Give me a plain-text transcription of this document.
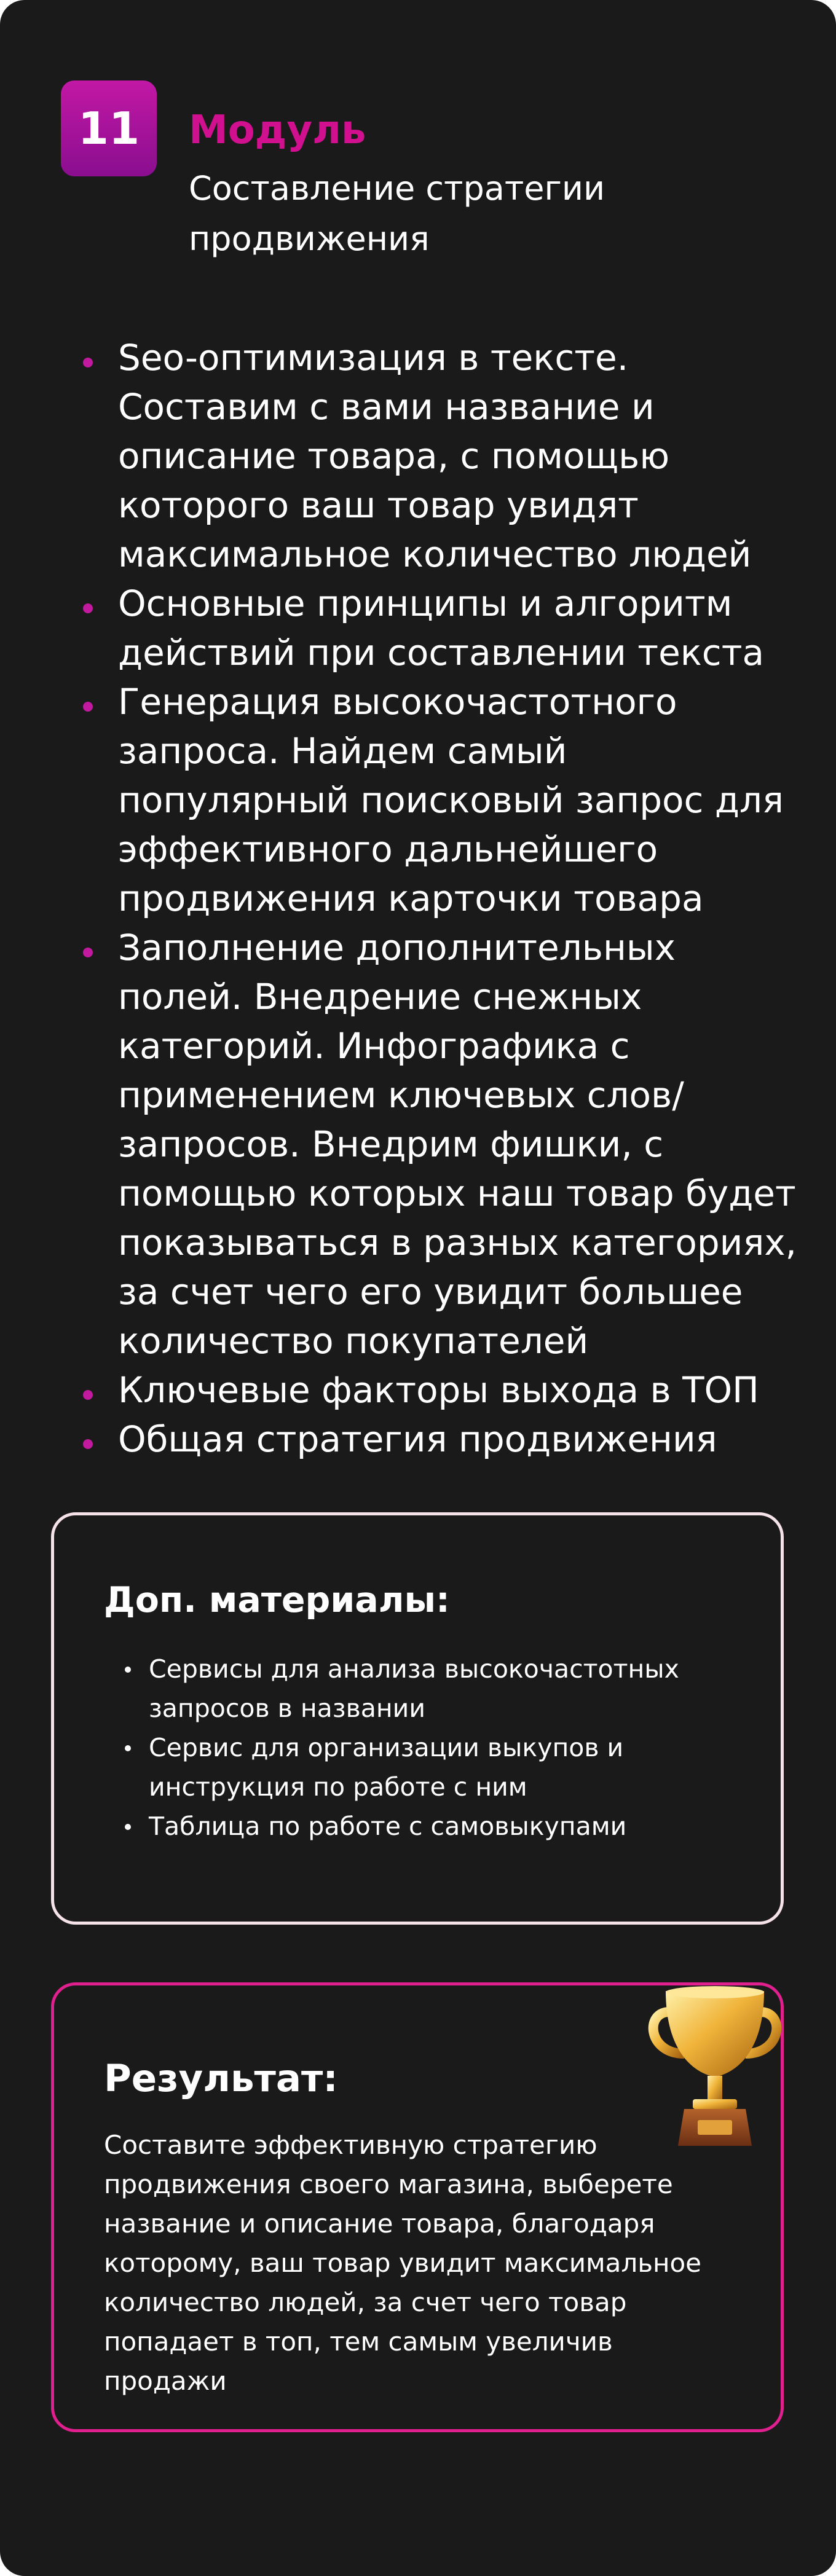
11 Модуль
Составление стратегии продвижения
Seo-оптимизация в тексте. Составим с вами название и описание товара, с помощью которого ваш товар увидят максимальное количество людей
Основные принципы и алгоритм действий при составлении текста
Генерация высокочастотного запроса. Найдем самый популярный поисковый запрос для эффективного дальнейшего продвижения карточки товара
Заполнение дополнительных полей. Внедрение снежных категорий. Инфографика с применением ключевых слов/запросов. Внедрим фишки, с помощью которых наш товар будет показываться в разных категориях, за счет чего его увидит большее количество покупателей
Ключевые факторы выхода в ТОП
Общая стратегия продвижения
Доп. материалы:
Сервисы для анализа высокочастотных запросов в названии
Сервис для организации выкупов и инструкция по работе с ним
Таблица по работе с самовыкупами
Результат:

Составите эффективную стратегию продвижения своего магазина, выберете название и описание товара, благодаря которому, ваш товар увидит максимальное количество людей, за счет чего товар попадает в топ, тем самым увеличив продажи
